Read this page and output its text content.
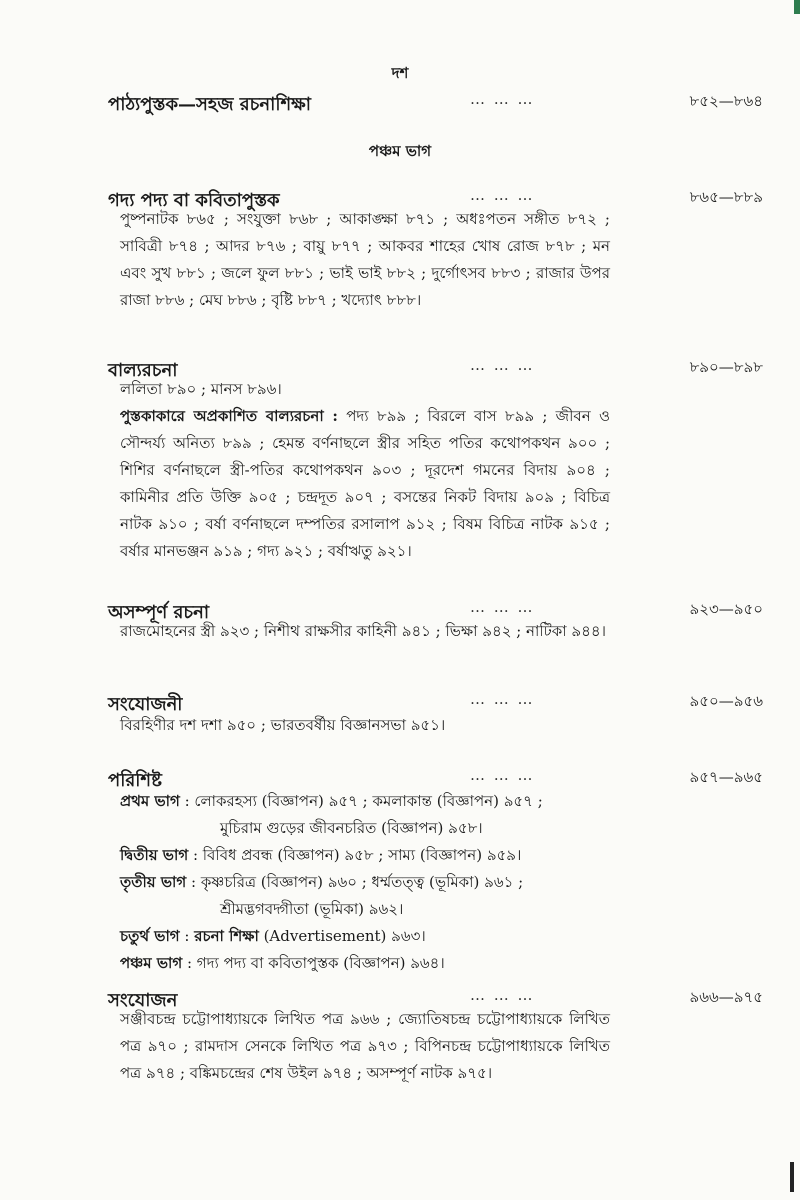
দশ
পাঠ্যপুস্তক—সহজ রচনাশিক্ষা	… … …	৮৫২—৮৬৪
পঞ্চম ভাগ
গদ্য পদ্য বা কবিতাপুস্তক	… … …	৮৬৫—৮৮৯

পুষ্পনাটক ৮৬৫ ; সংযুক্তা ৮৬৮ ; আকাঙ্ক্ষা ৮৭১ ; অধঃপতন সঙ্গীত ৮৭২ ; সাবিত্রী ৮৭৪ ; আদর ৮৭৬ ; বায়ু ৮৭৭ ; আকবর শাহের খোষ রোজ ৮৭৮ ; মন এবং সুখ ৮৮১ ; জলে ফুল ৮৮১ ; ভাই ভাই ৮৮২ ; দুর্গোৎসব ৮৮৩ ; রাজার উপর রাজা ৮৮৬ ; মেঘ ৮৮৬ ; বৃষ্টি ৮৮৭ ; খদ্যোৎ ৮৮৮।

বাল্যরচনা	… … …	৮৯০—৮৯৮

ললিতা ৮৯০ ; মানস ৮৯৬।

পুস্তকাকারে অপ্রকাশিত বাল্যরচনা : পদ্য ৮৯৯ ; বিরলে বাস ৮৯৯ ; জীবন ও সৌন্দর্য্য অনিত্য ৮৯৯ ; হেমন্ত বর্ণনাছলে স্ত্রীর সহিত পতির কথোপকথন ৯০০ ; শিশির বর্ণনাছলে স্ত্রী-পতির কথোপকথন ৯০৩ ; দূরদেশ গমনের বিদায় ৯০৪ ; কামিনীর প্রতি উক্তি ৯০৫ ; চন্দ্রদূত ৯০৭ ; বসন্তের নিকট বিদায় ৯০৯ ; বিচিত্র নাটক ৯১০ ; বর্ষা বর্ণনাছলে দম্পতির রসালাপ ৯১২ ; বিষম বিচিত্র নাটক ৯১৫ ; বর্ষার মানভঞ্জন ৯১৯ ; গদ্য ৯২১ ; বর্ষাঋতু ৯২১।

অসম্পূর্ণ রচনা	… … …	৯২৩—৯৫০

রাজমোহনের স্ত্রী ৯২৩ ; নিশীথ রাক্ষসীর কাহিনী ৯৪১ ; ভিক্ষা ৯৪২ ; নাটিকা ৯৪৪।

সংযোজনী	… … …	৯৫০—৯৫৬

বিরহিণীর দশ দশা ৯৫০ ; ভারতবর্ষীয় বিজ্ঞানসভা ৯৫১।

পরিশিষ্ট	… … …	৯৫৭—৯৬৫
প্রথম ভাগ : লোকরহস্য (বিজ্ঞাপন) ৯৫৭ ; কমলাকান্ত (বিজ্ঞাপন) ৯৫৭ ;

মুচিরাম গুড়ের জীবনচরিত (বিজ্ঞাপন) ৯৫৮।

দ্বিতীয় ভাগ : বিবিধ প্রবন্ধ (বিজ্ঞাপন) ৯৫৮ ; সাম্য (বিজ্ঞাপন) ৯৫৯।
তৃতীয় ভাগ : কৃষ্ণচরিত্র (বিজ্ঞাপন) ৯৬০ ; ধর্ম্মতত্ত্ব (ভূমিকা) ৯৬১ ;

শ্রীমদ্ভগবদ্গীতা (ভূমিকা) ৯৬২।

চতুর্থ ভাগ : রচনা শিক্ষা (Advertisement) ৯৬৩।
পঞ্চম ভাগ : গদ্য পদ্য বা কবিতাপুস্তক (বিজ্ঞাপন) ৯৬৪।
সংযোজন	… … …	৯৬৬—৯৭৫

সঞ্জীবচন্দ্র চট্টোপাধ্যায়কে লিখিত পত্র ৯৬৬ ; জ্যোতিষচন্দ্র চট্টোপাধ্যায়কে লিখিত পত্র ৯৭০ ; রামদাস সেনকে লিখিত পত্র ৯৭৩ ; বিপিনচন্দ্র চট্টোপাধ্যায়কে লিখিত পত্র ৯৭৪ ; বঙ্কিমচন্দ্রের শেষ উইল ৯৭৪ ; অসম্পূর্ণ নাটক ৯৭৫।
